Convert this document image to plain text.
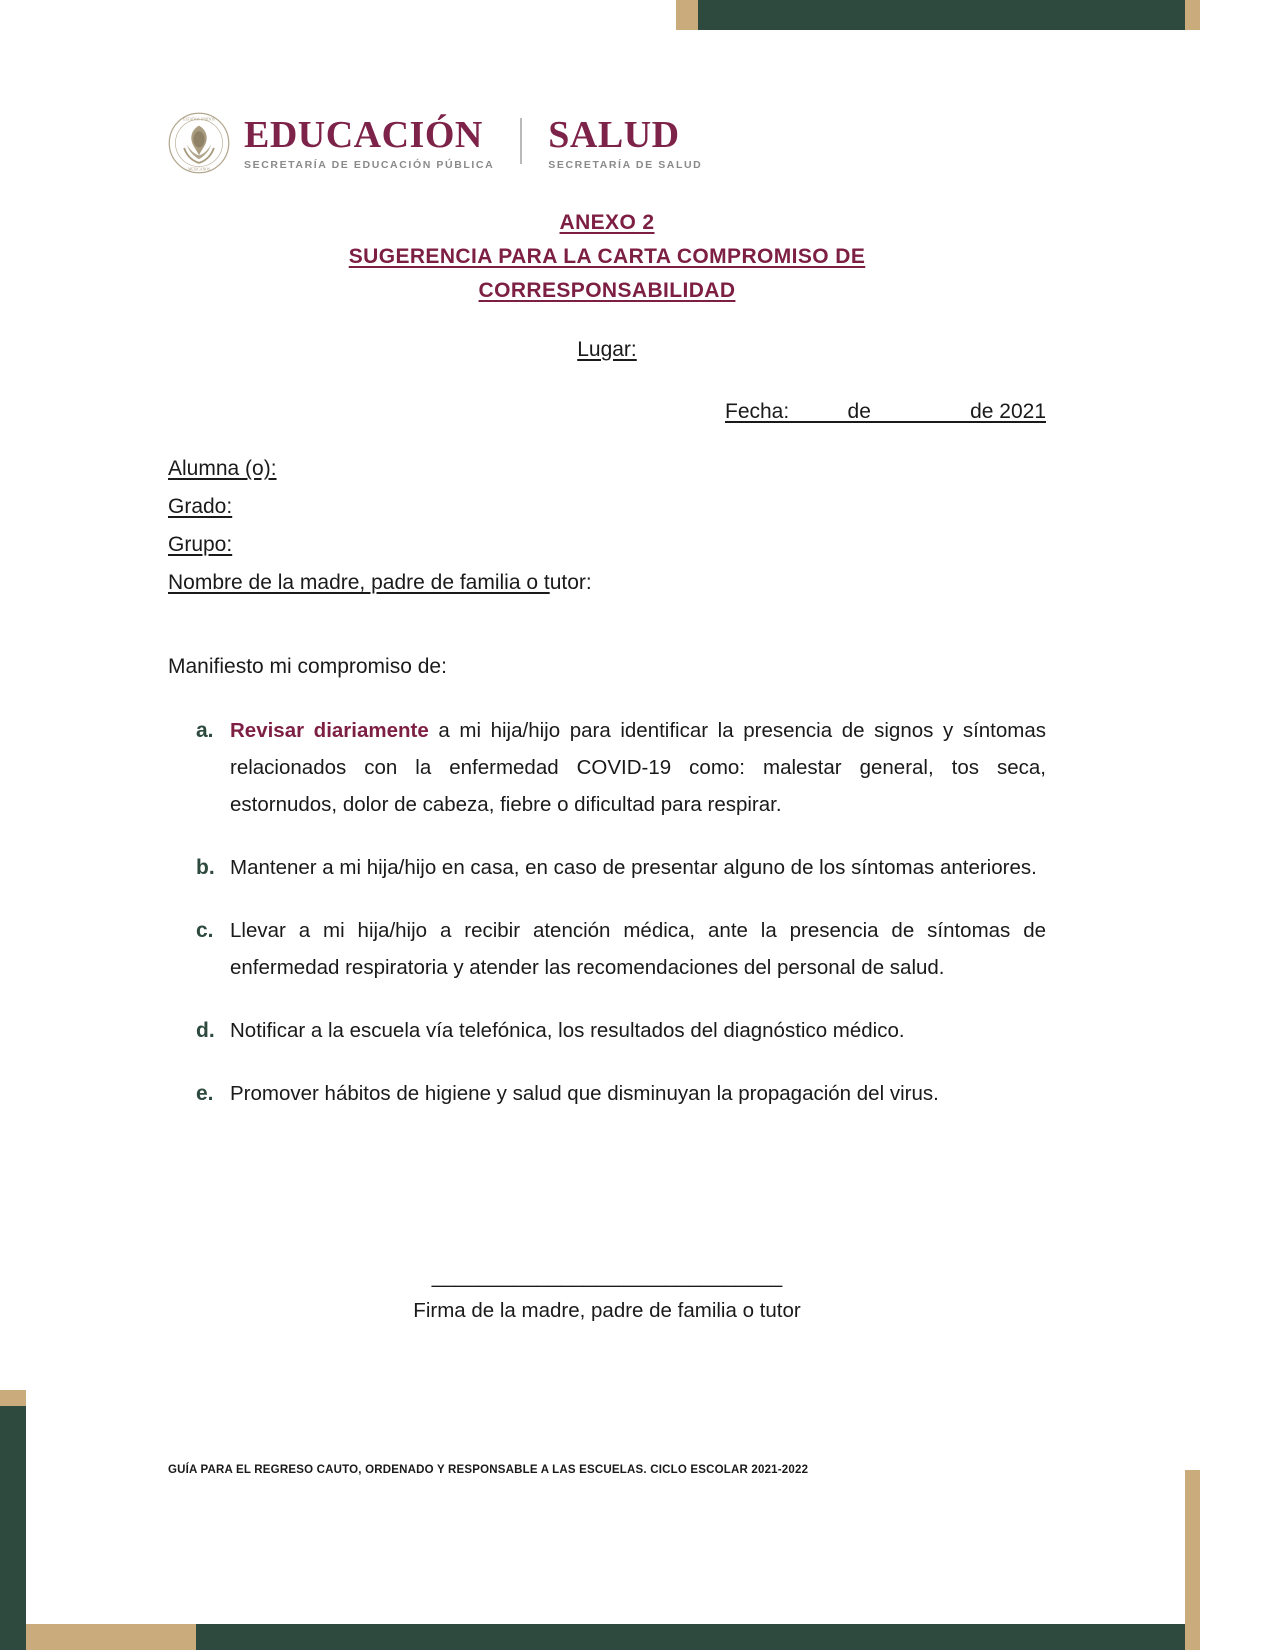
ESTADOS UNIDOS
MEXICANOS
EDUCACIÓN
SECRETARÍA DE EDUCACIÓN PÚBLICA
SALUD
SECRETARÍA DE SALUD
ANEXO 2
SUGERENCIA PARA LA CARTA COMPROMISO DE
CORRESPONSABILIDAD
Lugar:
Fecha:          de                 de 2021
Alumna (o):
Grado:
Grupo:
Nombre de la madre, padre de familia o tutor:
Manifiesto mi compromiso de:
a. Revisar diariamente a mi hija/hijo para identificar la presencia de signos y síntomas relacionados con la enfermedad COVID-19 como: malestar general, tos seca, estornudos, dolor de cabeza, fiebre o dificultad para respirar.
b. Mantener a mi hija/hijo en casa, en caso de presentar alguno de los síntomas anteriores.
c. Llevar a mi hija/hijo a recibir atención médica, ante la presencia de síntomas de enfermedad respiratoria y atender las recomendaciones del personal de salud.
d. Notificar a la escuela vía telefónica, los resultados del diagnóstico médico.
e. Promover hábitos de higiene y salud que disminuyan la propagación del virus.
______________________________
Firma de la madre, padre de familia o tutor
GUÍA PARA EL REGRESO CAUTO, ORDENADO Y RESPONSABLE A LAS ESCUELAS. CICLO ESCOLAR 2021-2022
